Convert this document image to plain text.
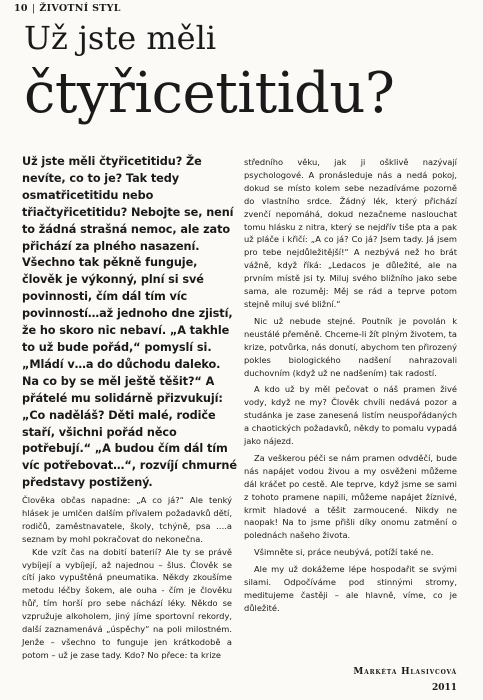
10 | ŽIVOTNÍ STYL
Už jste měli
čtyřicetitidu?

Už jste měli čtyřicetitidu? Že nevíte, co to je? Tak tedy osmatřicetitidu nebo třiačtyřicetitidu? Nebojte se, není to žádná strašná nemoc, ale zato přichází za plného nasazení. Všechno tak pěkně funguje, člověk je výkonný, plní si své povinnosti, čím dál tím víc povinností…až jednoho dne zjistí, že ho skoro nic nebaví. „A takhle to už bude pořád,“ pomyslí si. „Mládí v…a do důchodu daleko. Na co by se měl ještě těšit?“ A přátelé mu solidárně přizvukují: „Co naděláš? Děti malé, rodiče staří, všichni pořád něco potřebují.“ „A budou čím dál tím víc potřebovat…“, rozvíjí chmurné představy postižený.

Člověka občas napadne: „A co já?“ Ale tenký hlásek je umlčen dalším přívalem požadavků dětí, rodičů, zaměstnavatele, školy, tchýně, psa ….a seznam by mohl pokračovat do nekonečna.

Kde vzít čas na dobití baterií? Ale ty se právě vybíjejí a vybíjejí, až najednou – šlus. Člověk se cítí jako vypuštěná pneumatika. Někdy zkoušíme metodu léčby šokem, ale ouha - čím je člověku hůř, tím horší pro sebe náchází léky. Někdo se vzpružuje alkoholem, jiný jíme sportovní rekordy, další zaznamenává „úspěchy“ na poli milostném. Jenže – všechno to funguje jen krátkodobě a potom – už je zase tady. Kdo? No přece: ta krize

středního věku, jak ji ošklivě nazývají psychologové. A pronásleduje nás a nedá pokoj, dokud se místo kolem sebe nezadíváme pozorně do vlastního srdce. Žádný lék, který přichází zvenčí nepomáhá, dokud nezačneme naslouchat tomu hlásku z nitra, který se nejdřív tiše pta a pak už pláče i křičí: „A co já? Co já? Jsem tady. Já jsem pro tebe nejdůležitější!“ A nezbývá než ho brát vážně, když říká: „Ledacos je důležité, ale na prvním místě jsi ty. Miluj svého bližního jako sebe sama, ale rozuměj: Měj se rád a teprve potom stejně miluj své bližní.“

Nic už nebude stejné. Poutník je povolán k neustálé přeměně. Chceme-li žít plným životem, ta krize, potvůrka, nás donutí, abychom ten přirozený pokles biologického nadšení nahrazovali duchovním (když už ne nadšením) tak radostí.

A kdo už by měl pečovat o náš pramen živé vody, když ne my? Člověk chvíli nedává pozor a studánka je zase zanesená listím neuspořádaných a chaotických požadavků, někdy to pomalu vypadá jako nájezd.

Za veškerou péči se nám pramen odvděčí, bude nás napájet vodou živou a my osvěženi můžeme dál kráčet po cestě. Ale teprve, když jsme se sami z tohoto pramene napili, můžeme napájet žíznivé, krmit hladové a těšit zarmoucené. Nikdy ne naopak! Na to jsme přišli díky onomu zatmění o polednách našeho života.

Všimněte si, práce neubývá, potíží také ne.

Ale my už dokážeme lépe hospodařit se svými silami. Odpočíváme pod stinnými stromy, meditujeme častěji – ale hlavně, víme, co je důležité.

Markéta Hlasivcová
2011
